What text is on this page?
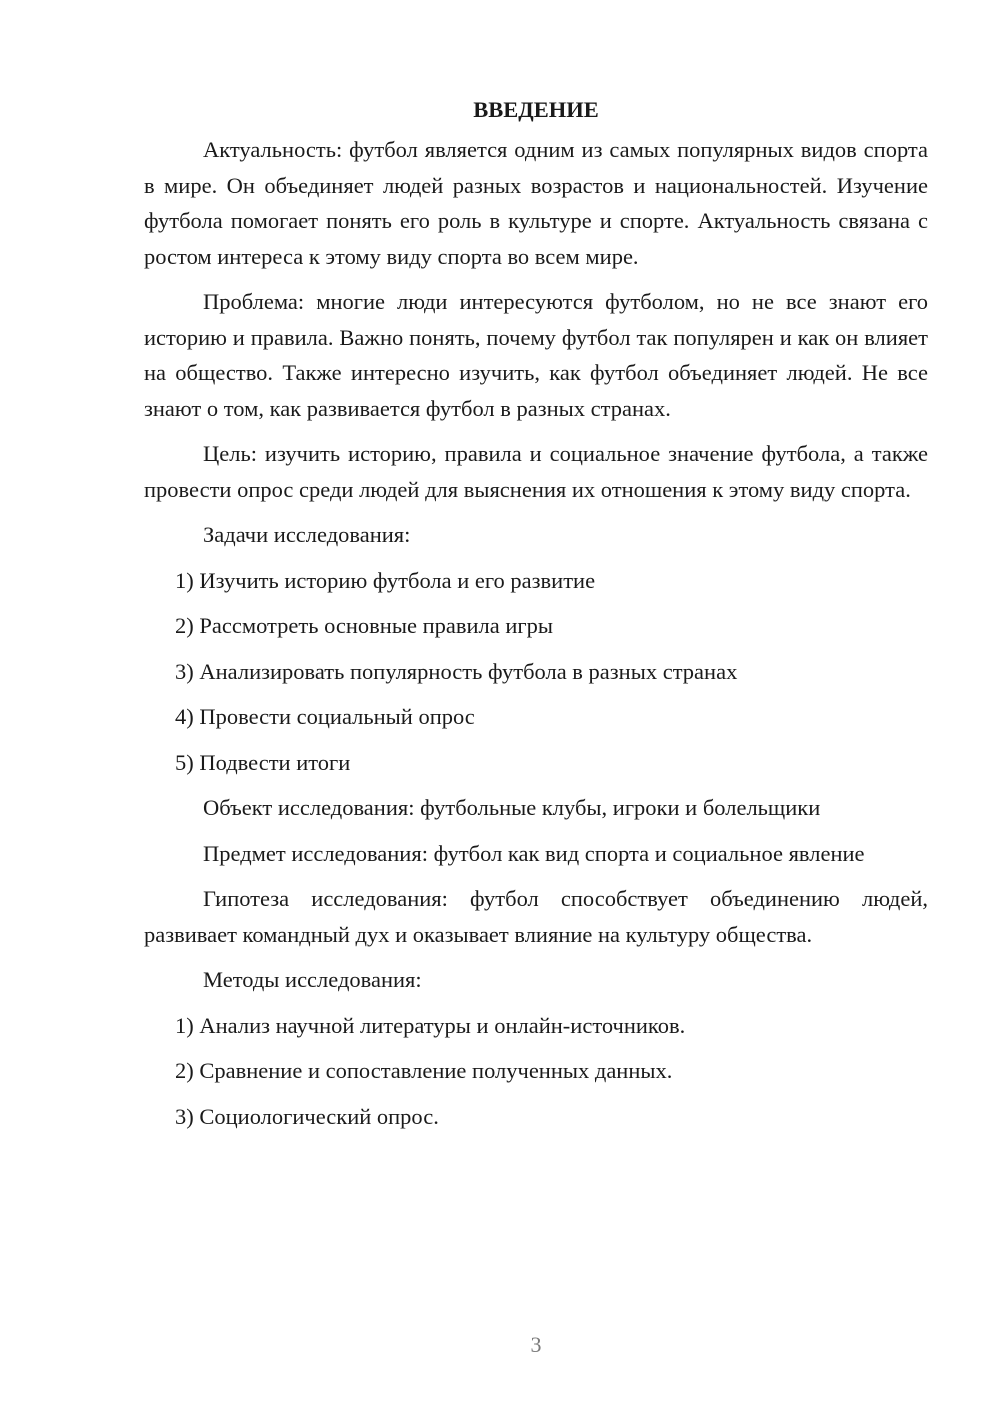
ВВЕДЕНИЕ

Актуальность: футбол является одним из самых популярных видов спорта в мире. Он объединяет людей разных возрастов и национальностей. Изучение футбола помогает понять его роль в культуре и спорте. Актуальность связана с ростом интереса к этому виду спорта во всем мире.

Проблема: многие люди интересуются футболом, но не все знают его историю и правила. Важно понять, почему футбол так популярен и как он влияет на общество. Также интересно изучить, как футбол объединяет людей. Не все знают о том, как развивается футбол в разных странах.

Цель: изучить историю, правила и социальное значение футбола, а также провести опрос среди людей для выяснения их отношения к этому виду спорта.

Задачи исследования:

1) Изучить историю футбола и его развитие

2) Рассмотреть основные правила игры

3) Анализировать популярность футбола в разных странах

4) Провести социальный опрос

5) Подвести итоги

Объект исследования: футбольные клубы, игроки и болельщики

Предмет исследования: футбол как вид спорта и социальное явление

Гипотеза исследования: футбол способствует объединению людей, развивает командный дух и оказывает влияние на культуру общества.

Методы исследования:

1) Анализ научной литературы и онлайн-источников.

2) Сравнение и сопоставление полученных данных.

3) Социологический опрос.

3
